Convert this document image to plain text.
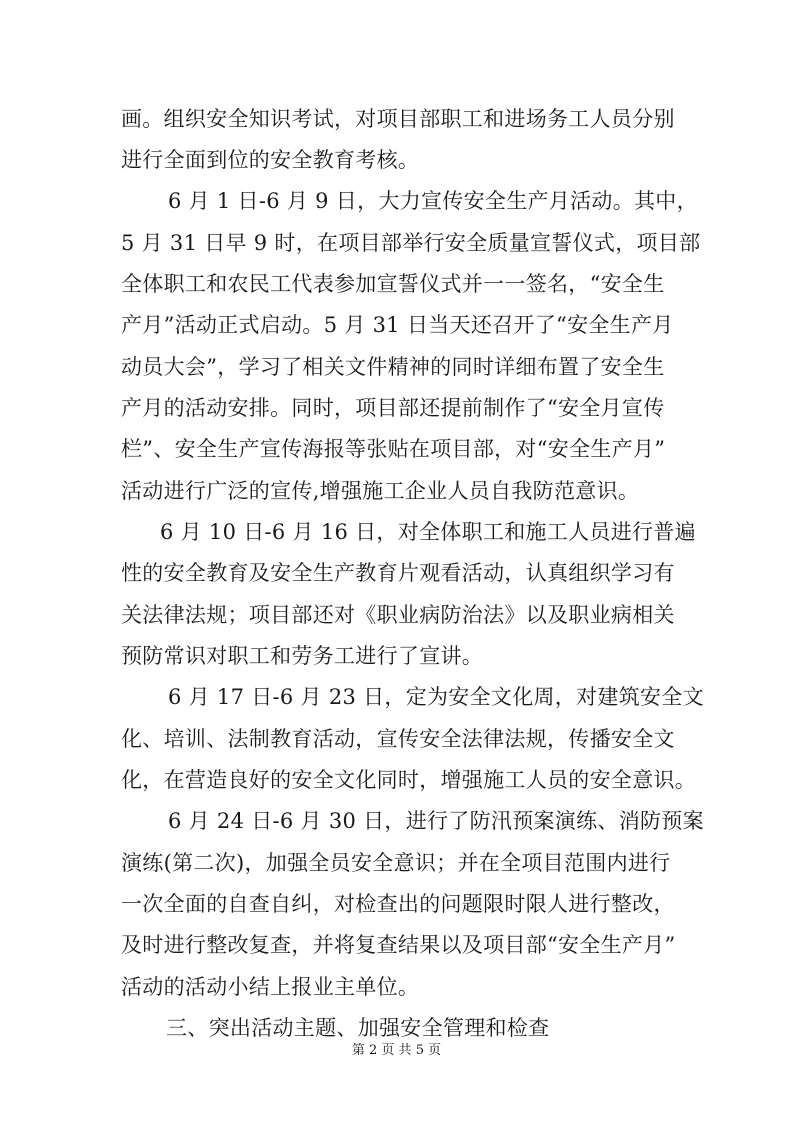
画。组织安全知识考试，对项目部职工和进场务工人员分别
进行全面到位的安全教育考核。
6 月 1 日-6 月 9 日，大力宣传安全生产月活动。其中，
5 月 31 日早 9 时，在项目部举行安全质量宣誓仪式，项目部
全体职工和农民工代表参加宣誓仪式并一一签名，“安全生
产月”活动正式启动。5 月 31 日当天还召开了“安全生产月
动员大会”，学习了相关文件精神的同时详细布置了安全生
产月的活动安排。同时，项目部还提前制作了“安全月宣传
栏”、安全生产宣传海报等张贴在项目部，对“安全生产月”
活动进行广泛的宣传,增强施工企业人员自我防范意识。
6 月 10 日-6 月 16 日，对全体职工和施工人员进行普遍
性的安全教育及安全生产教育片观看活动，认真组织学习有
关法律法规；项目部还对《职业病防治法》以及职业病相关
预防常识对职工和劳务工进行了宣讲。
6 月 17 日-6 月 23 日，定为安全文化周，对建筑安全文
化、培训、法制教育活动，宣传安全法律法规，传播安全文
化，在营造良好的安全文化同时，增强施工人员的安全意识。
6 月 24 日-6 月 30 日，进行了防汛预案演练、消防预案
演练(第二次)，加强全员安全意识；并在全项目范围内进行
一次全面的自查自纠，对检查出的问题限时限人进行整改，
及时进行整改复查，并将复查结果以及项目部“安全生产月”
活动的活动小结上报业主单位。
三、突出活动主题、加强安全管理和检查
第 2 页 共 5 页
